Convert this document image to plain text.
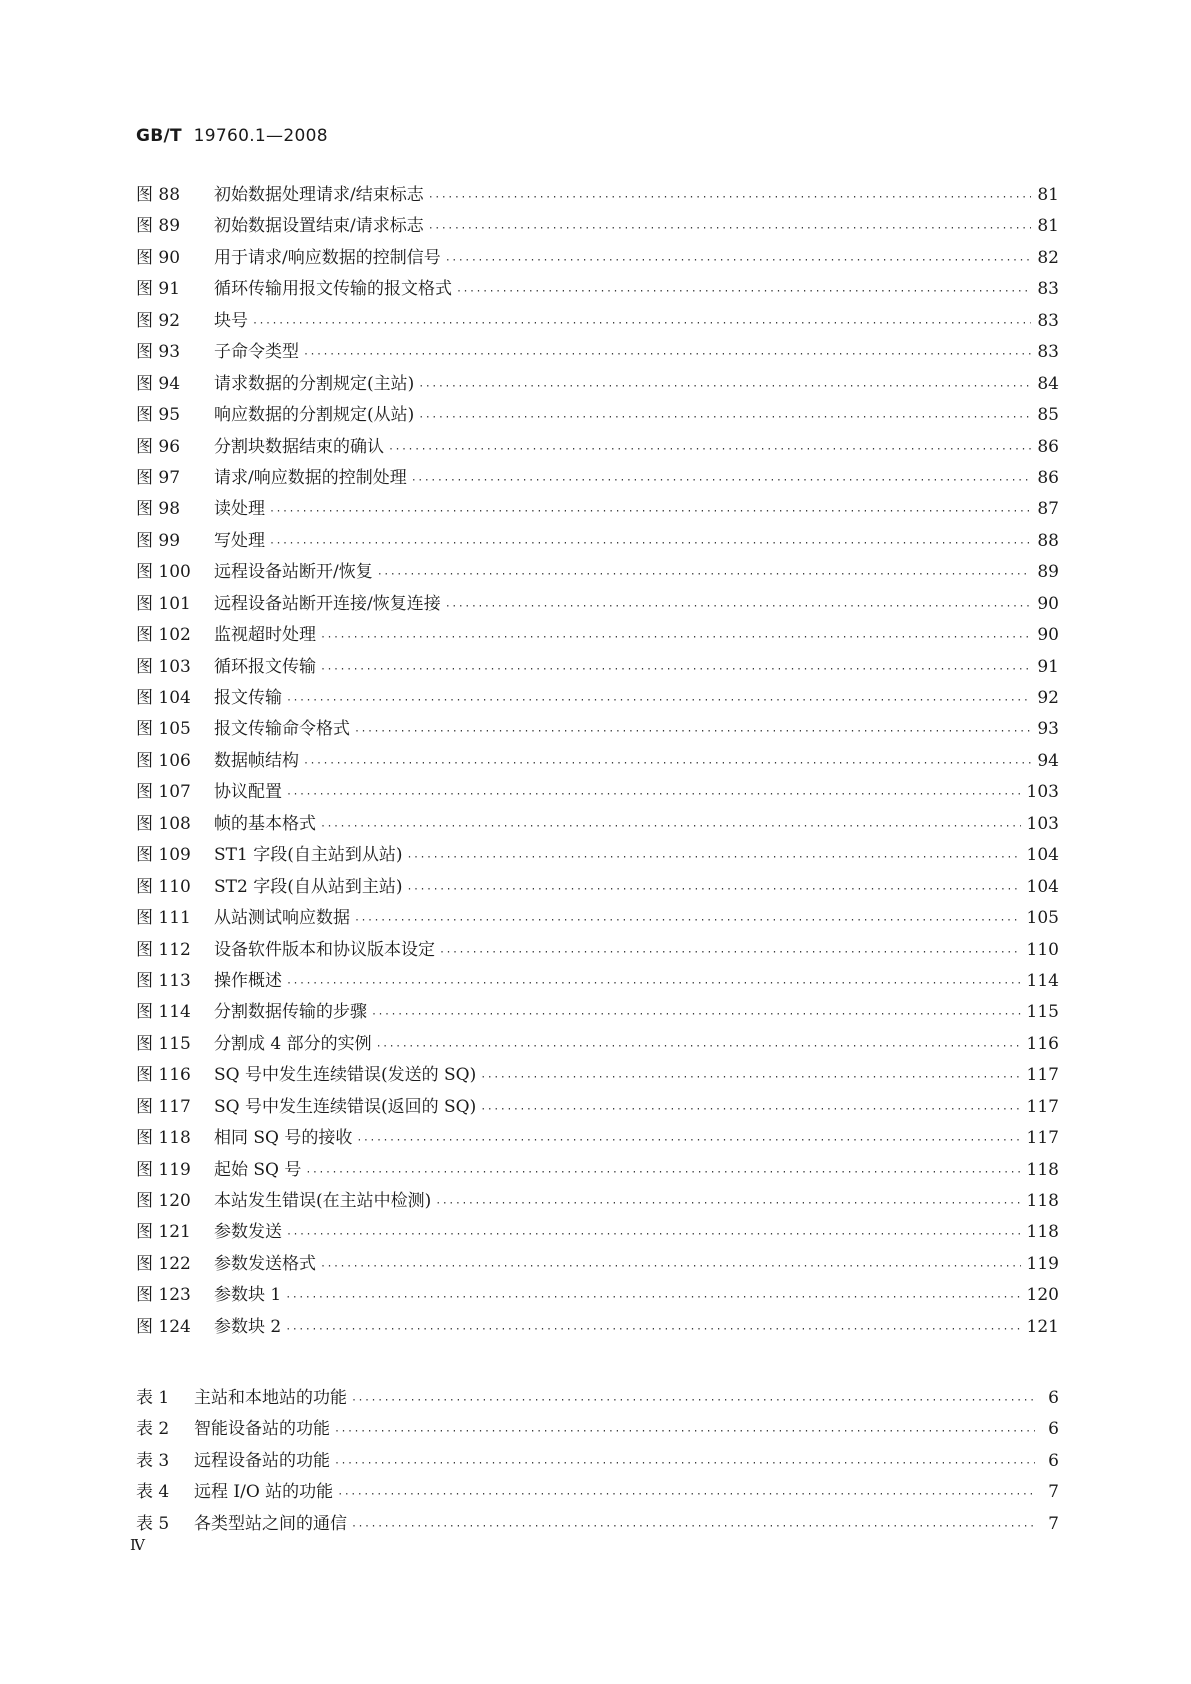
GB/T 19760.1—2008
图 88	初始数据处理请求/结束标志 ·····	81
图 89	初始数据设置结束/请求标志 ·····	81
图 90	用于请求/响应数据的控制信号 ·····	82
图 91	循环传输用报文传输的报文格式 ·····	83
图 92	块号 ·····	83
图 93	子命令类型 ·····	83
图 94	请求数据的分割规定(主站) ·····	84
图 95	响应数据的分割规定(从站) ·····	85
图 96	分割块数据结束的确认 ·····	86
图 97	请求/响应数据的控制处理 ·····	86
图 98	读处理 ·····	87
图 99	写处理 ·····	88
图 100	远程设备站断开/恢复 ·····	89
图 101	远程设备站断开连接/恢复连接 ·····	90
图 102	监视超时处理 ·····	90
图 103	循环报文传输 ·····	91
图 104	报文传输 ·····	92
图 105	报文传输命令格式 ·····	93
图 106	数据帧结构 ·····	94
图 107	协议配置 ·····	103
图 108	帧的基本格式 ·····	103
图 109	ST1 字段(自主站到从站) ·····	104
图 110	ST2 字段(自从站到主站) ·····	104
图 111	从站测试响应数据 ·····	105
图 112	设备软件版本和协议版本设定 ·····	110
图 113	操作概述 ·····	114
图 114	分割数据传输的步骤 ·····	115
图 115	分割成 4 部分的实例 ·····	116
图 116	SQ 号中发生连续错误(发送的 SQ) ·····	117
图 117	SQ 号中发生连续错误(返回的 SQ) ·····	117
图 118	相同 SQ 号的接收 ·····	117
图 119	起始 SQ 号 ·····	118
图 120	本站发生错误(在主站中检测) ·····	118
图 121	参数发送 ·····	118
图 122	参数发送格式 ·····	119
图 123	参数块 1 ·····	120
图 124	参数块 2 ·····	121
表 1	主站和本地站的功能 ·····	6
表 2	智能设备站的功能 ·····	6
表 3	远程设备站的功能 ·····	6
表 4	远程 I/O 站的功能 ·····	7
表 5	各类型站之间的通信 ·····	7
Ⅳ
